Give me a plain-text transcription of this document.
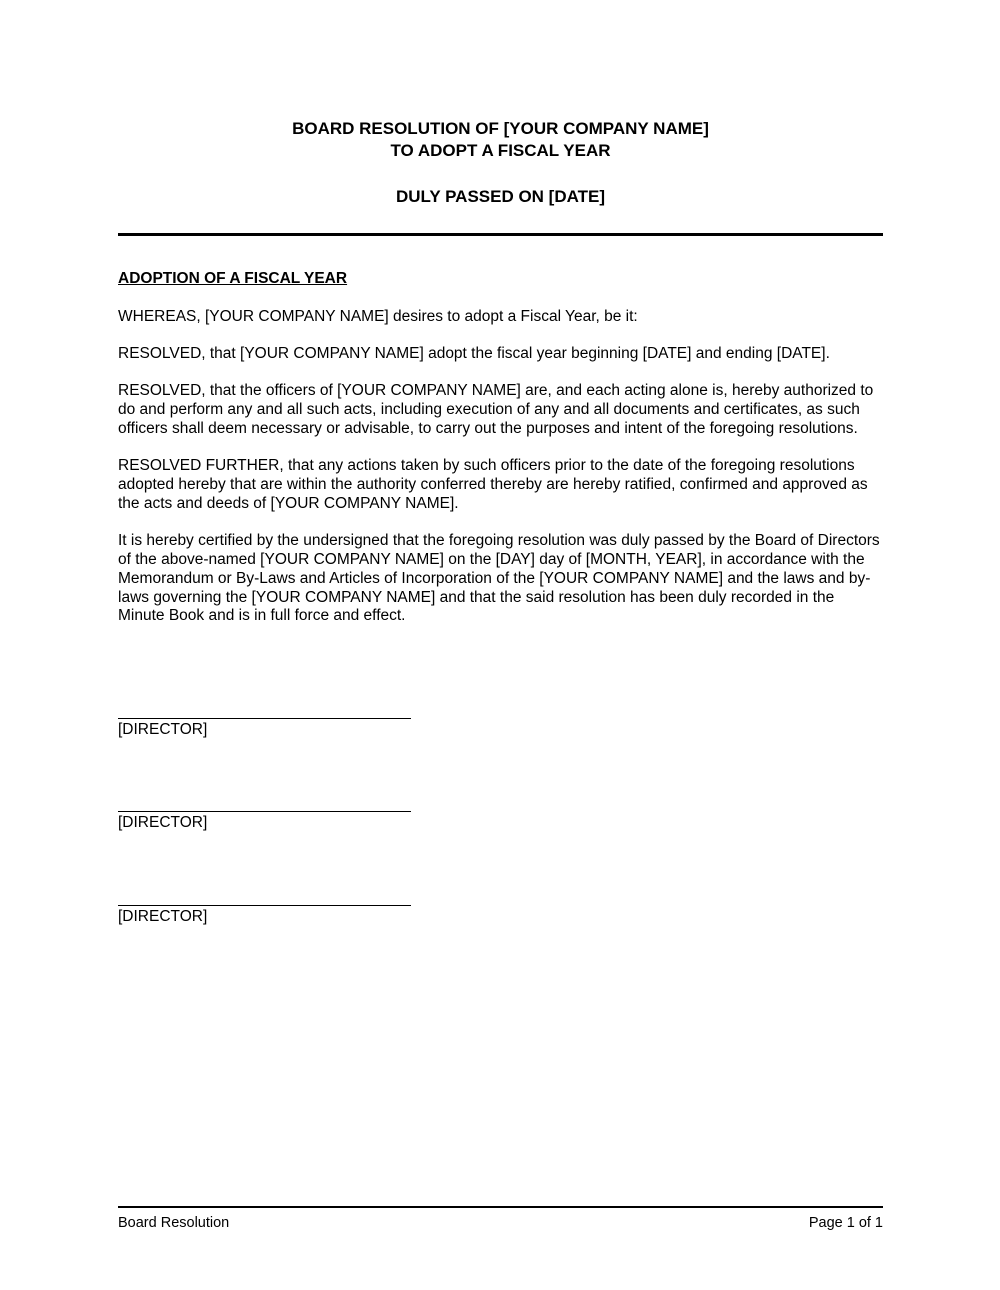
BOARD RESOLUTION OF [YOUR COMPANY NAME]
TO ADOPT A FISCAL YEAR
DULY PASSED ON [DATE]
ADOPTION OF A FISCAL YEAR

WHEREAS, [YOUR COMPANY NAME] desires to adopt a Fiscal Year, be it:

RESOLVED, that [YOUR COMPANY NAME] adopt the fiscal year beginning [DATE] and ending [DATE].

RESOLVED, that the officers of [YOUR COMPANY NAME] are, and each acting alone is, hereby authorized to do and perform any and all such acts, including execution of any and all documents and certificates, as such officers shall deem necessary or advisable, to carry out the purposes and intent of the foregoing resolutions.

RESOLVED FURTHER, that any actions taken by such officers prior to the date of the foregoing resolutions adopted hereby that are within the authority conferred thereby are hereby ratified, confirmed and approved as the acts and deeds of [YOUR COMPANY NAME].

It is hereby certified by the undersigned that the foregoing resolution was duly passed by the Board of Directors of the above-named [YOUR COMPANY NAME] on the [DAY] day of [MONTH, YEAR], in accordance with the Memorandum or By-Laws and Articles of Incorporation of the [YOUR COMPANY NAME] and the laws and by-laws governing the [YOUR COMPANY NAME] and that the said resolution has been duly recorded in the Minute Book and is in full force and effect.

[DIRECTOR]
[DIRECTOR]
[DIRECTOR]
Board Resolution	Page 1 of 1
